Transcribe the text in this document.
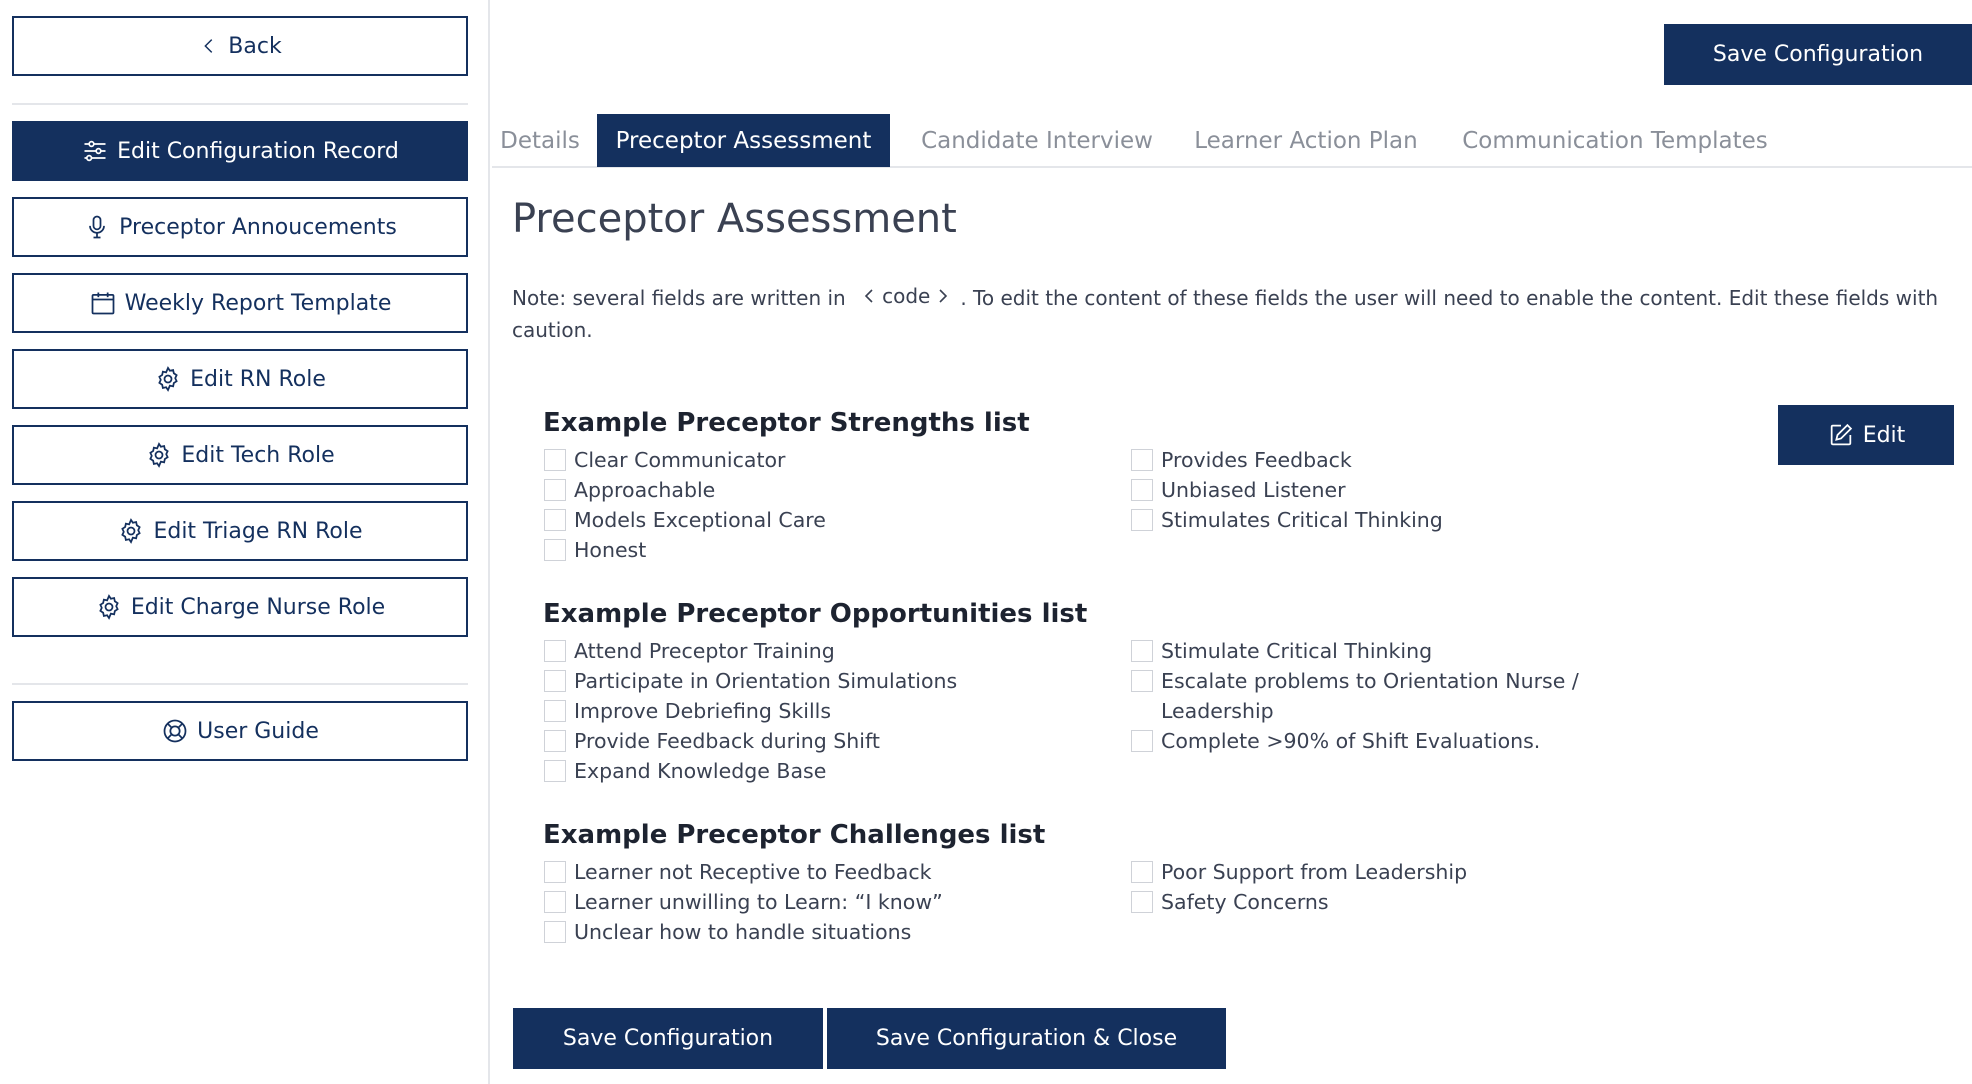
Back
Edit Configuration Record
Preceptor Annoucements
Weekly Report Template
Edit RN Role
Edit Tech Role
Edit Triage RN Role
Edit Charge Nurse Role
User Guide
Save Configuration
Details	Preceptor Assessment	Candidate Interview	Learner Action Plan	Communication Templates
Preceptor Assessment
Note: several fields are written in code . To edit the content of these fields the user will need to enable the content. Edit these fields with caution.
Edit
Example Preceptor Strengths list
Clear Communicator
Approachable
Models Exceptional Care
Honest
Provides Feedback
Unbiased Listener
Stimulates Critical Thinking
Example Preceptor Opportunities list
Attend Preceptor Training
Participate in Orientation Simulations
Improve Debriefing Skills
Provide Feedback during Shift
Expand Knowledge Base
Stimulate Critical Thinking
Escalate problems to Orientation Nurse / Leadership
Complete >90% of Shift Evaluations.
Example Preceptor Challenges list
Learner not Receptive to Feedback
Learner unwilling to Learn: “I know”
Unclear how to handle situations
Poor Support from Leadership
Safety Concerns
Save Configuration	Save Configuration & Close
